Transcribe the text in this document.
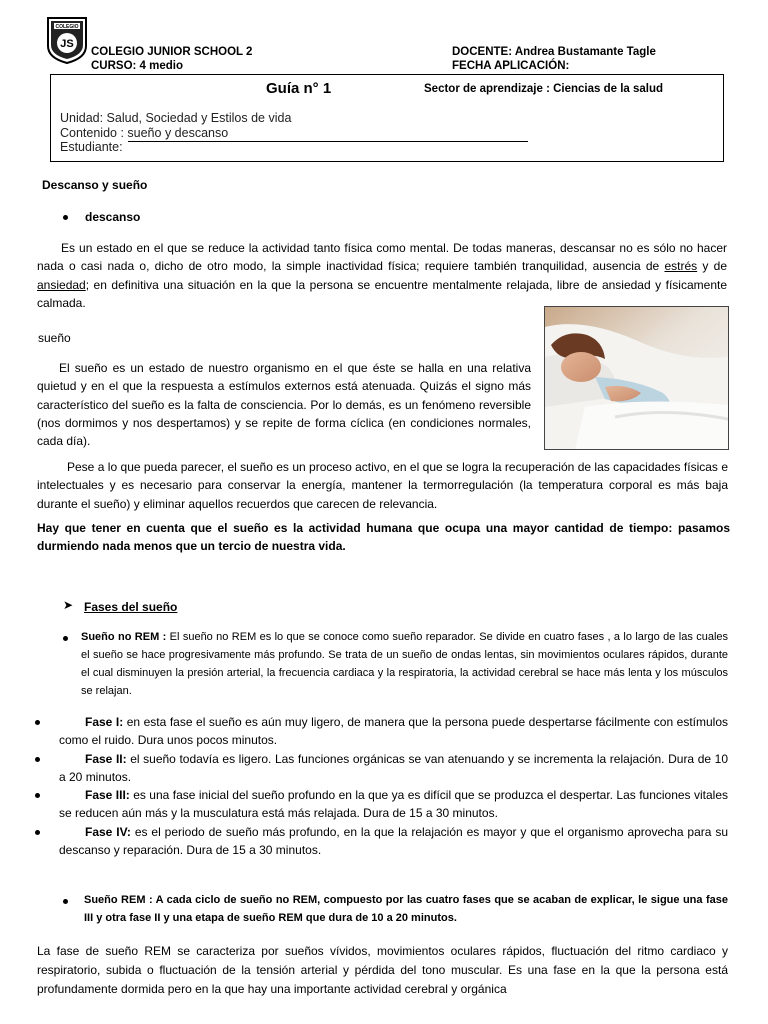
COLEGIO
JS
COLEGIO JUNIOR SCHOOL 2
CURSO: 4 medio
DOCENTE: Andrea Bustamante Tagle
FECHA APLICACIÓN:
Guía n° 1	Sector de aprendizaje : Ciencias de la salud
Unidad: Salud, Sociedad y Estilos de vida
Contenido : sueño y descanso
Estudiante:
Descanso y sueño
descanso

Es un estado en el que se reduce la actividad tanto física como mental. De todas maneras, descansar no es sólo no hacer nada o casi nada o, dicho de otro modo, la simple inactividad física; requiere también tranquilidad, ausencia de estrés y de ansiedad; en definitiva una situación en la que la persona se encuentre mentalmente relajada, libre de ansiedad y físicamente calmada.

sueño

El sueño es un estado de nuestro organismo en el que éste se halla en una relativa quietud y en el que la respuesta a estímulos externos está atenuada. Quizás el signo más característico del sueño es la falta de consciencia. Por lo demás, es un fenómeno reversible (nos dormimos y nos despertamos) y se repite de forma cíclica (en condiciones normales, cada día).

Pese a lo que pueda parecer, el sueño es un proceso activo, en el que se logra la recuperación de las capacidades físicas e intelectuales y es necesario para conservar la energía, mantener la termorregulación (la temperatura corporal es más baja durante el sueño) y eliminar aquellos recuerdos que carecen de relevancia.

Hay que tener en cuenta que el sueño es la actividad humana que ocupa una mayor cantidad de tiempo: pasamos durmiendo nada menos que un tercio de nuestra vida.

➤ Fases del sueño

Sueño no REM : El sueño no REM es lo que se conoce como sueño reparador. Se divide en cuatro fases , a lo largo de las cuales el sueño se hace progresivamente más profundo. Se trata de un sueño de ondas lentas, sin movimientos oculares rápidos, durante el cual disminuyen la presión arterial, la frecuencia cardiaca y la respiratoria, la actividad cerebral se hace más lenta y los músculos se relajan.

Fase I: en esta fase el sueño es aún muy ligero, de manera que la persona puede despertarse fácilmente con estímulos como el ruido. Dura unos pocos minutos.

Fase II: el sueño todavía es ligero. Las funciones orgánicas se van atenuando y se incrementa la relajación. Dura de 10 a 20 minutos.

Fase III: es una fase inicial del sueño profundo en la que ya es difícil que se produzca el despertar. Las funciones vitales se reducen aún más y la musculatura está más relajada. Dura de 15 a 30 minutos.

Fase IV: es el periodo de sueño más profundo, en la que la relajación es mayor y que el organismo aprovecha para su descanso y reparación. Dura de 15 a 30 minutos.

Sueño REM : A cada ciclo de sueño no REM, compuesto por las cuatro fases que se acaban de explicar, le sigue una fase III y otra fase II y una etapa de sueño REM que dura de 10 a 20 minutos.

La fase de sueño REM se caracteriza por sueños vívidos, movimientos oculares rápidos, fluctuación del ritmo cardiaco y respiratorio, subida o fluctuación de la tensión arterial y pérdida del tono muscular. Es una fase en la que la persona está profundamente dormida pero en la que hay una importante actividad cerebral y orgánica
